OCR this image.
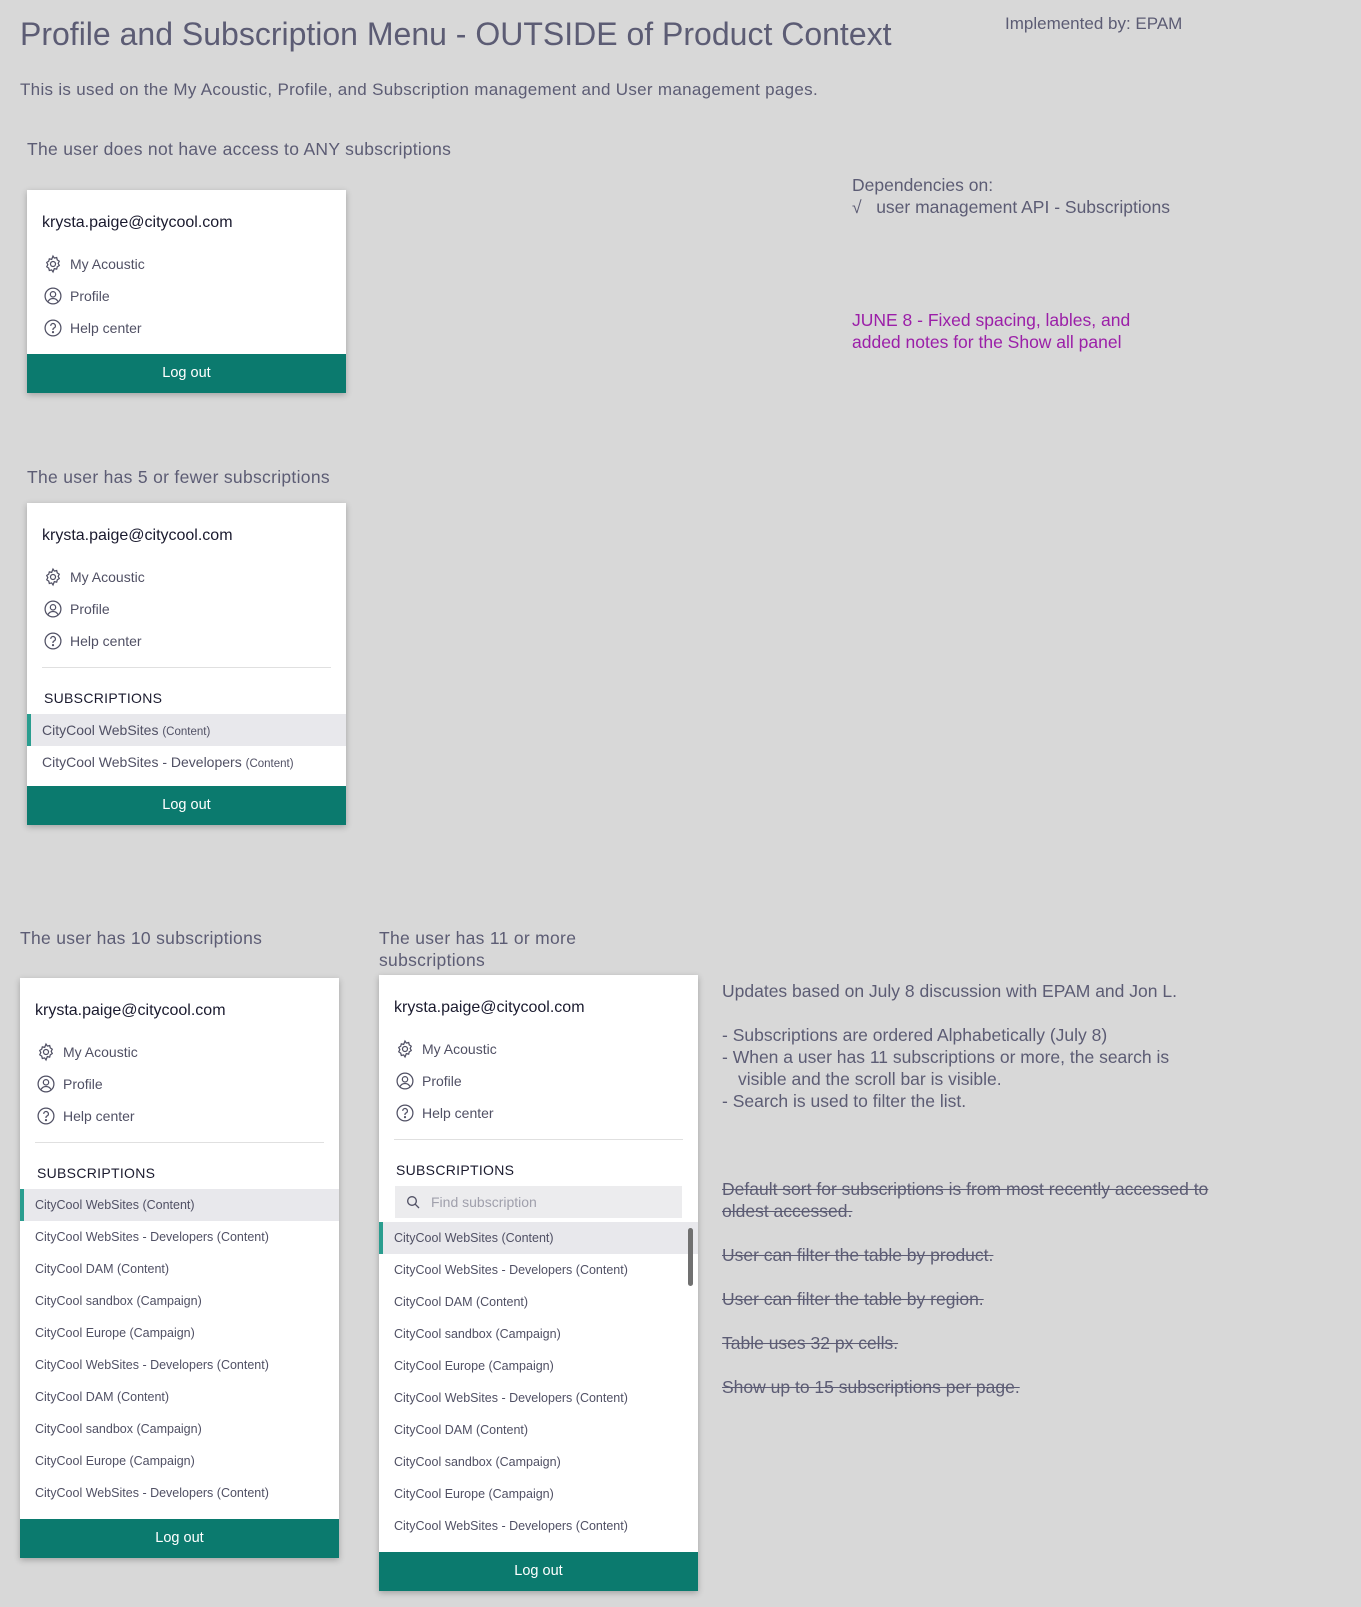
Profile and Subscription Menu - OUTSIDE of Product Context	Implemented by: EPAM
This is used on the My Acoustic, Profile, and Subscription management and User management pages.
The user does not have access to ANY subscriptions
The user has 5 or fewer subscriptions
The user has 10 subscriptions	The user has 11 or more subscriptions
Dependencies on:
√   user management API - Subscriptions
JUNE 8 - Fixed spacing, lables, and added notes for the Show all panel
Updates based on July 8 discussion with EPAM and Jon L.
- Subscriptions are ordered Alphabetically (July 8)
- When a user has 11 subscriptions or more, the search is
visible and the scroll bar is visible.
- Search is used to filter the list.
Default sort for subscriptions is from most recently accessed to oldest accessed.
User can filter the table by product.
User can filter the table by region.
Table uses 32 px cells.
Show up to 15 subscriptions per page.
krysta.paige@citycool.com
My Acoustic
Profile
Help center
Log out
krysta.paige@citycool.com
My Acoustic
Profile
Help center
SUBSCRIPTIONS
CityCool WebSites (Content)
CityCool WebSites - Developers (Content)
Log out
krysta.paige@citycool.com
My Acoustic
Profile
Help center
SUBSCRIPTIONS
CityCool WebSites (Content)
CityCool WebSites - Developers (Content)
CityCool DAM (Content)
CityCool sandbox (Campaign)
CityCool Europe (Campaign)
CityCool WebSites - Developers (Content)
CityCool DAM (Content)
CityCool sandbox (Campaign)
CityCool Europe (Campaign)
CityCool WebSites - Developers (Content)
Log out
krysta.paige@citycool.com
My Acoustic
Profile
Help center
SUBSCRIPTIONS
Find subscription
CityCool WebSites (Content)
CityCool WebSites - Developers (Content)
CityCool DAM (Content)
CityCool sandbox (Campaign)
CityCool Europe (Campaign)
CityCool WebSites - Developers (Content)
CityCool DAM (Content)
CityCool sandbox (Campaign)
CityCool Europe (Campaign)
CityCool WebSites - Developers (Content)
Log out
